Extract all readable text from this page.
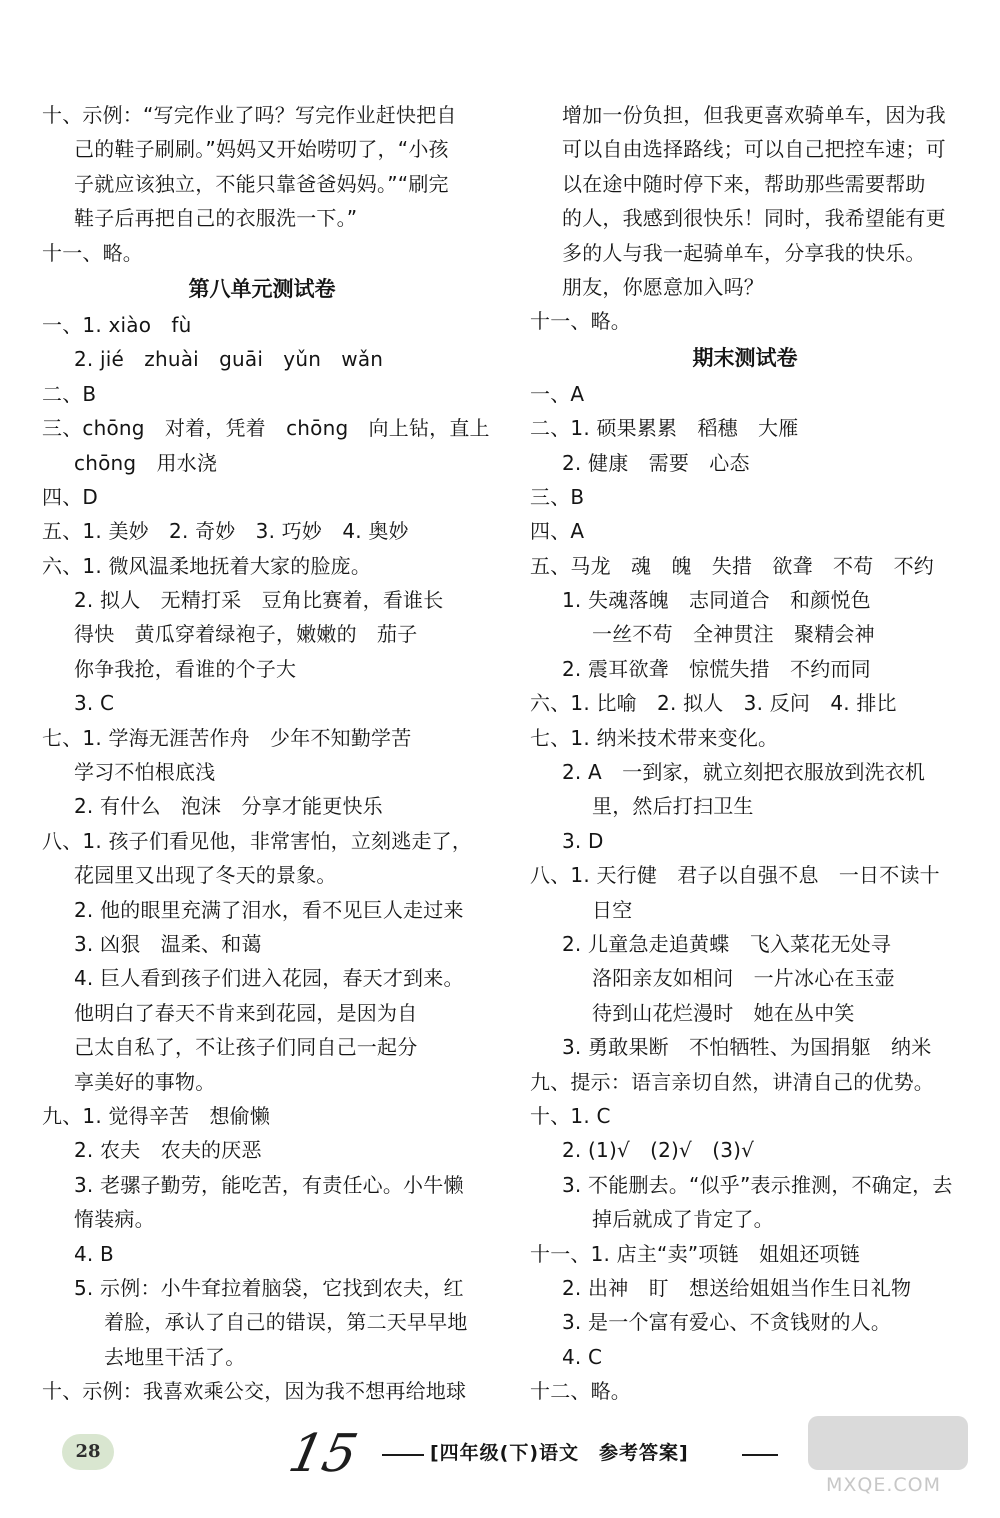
十、示例：“写完作业了吗？写完作业赶快把自
己的鞋子刷刷。”妈妈又开始唠叨了，“小孩
子就应该独立，不能只靠爸爸妈妈。”“刷完
鞋子后再把自己的衣服洗一下。”
十一、略。
第八单元测试卷
一、1. xiào　fù
2. jié　zhuài　guāi　yǔn　wǎn
二、B
三、chōng　对着，凭着　chōng　向上钻，直上
chōng　用水浇
四、D
五、1. 美妙　2. 奇妙　3. 巧妙　4. 奥妙
六、1. 微风温柔地抚着大家的脸庞。
2. 拟人　无精打采　豆角比赛着，看谁长
得快　黄瓜穿着绿袍子，嫩嫩的　茄子
你争我抢，看谁的个子大
3. C
七、1. 学海无涯苦作舟　少年不知勤学苦
学习不怕根底浅
2. 有什么　泡沫　分享才能更快乐
八、1. 孩子们看见他，非常害怕，立刻逃走了，
花园里又出现了冬天的景象。
2. 他的眼里充满了泪水，看不见巨人走过来
3. 凶狠　温柔、和蔼
4. 巨人看到孩子们进入花园，春天才到来。
他明白了春天不肯来到花园，是因为自
己太自私了，不让孩子们同自己一起分
享美好的事物。
九、1. 觉得辛苦　想偷懒
2. 农夫　农夫的厌恶
3. 老骡子勤劳，能吃苦，有责任心。小牛懒
惰装病。
4. B
5. 示例：小牛耷拉着脑袋，它找到农夫，红
着脸，承认了自己的错误，第二天早早地
去地里干活了。
十、示例：我喜欢乘公交，因为我不想再给地球
增加一份负担，但我更喜欢骑单车，因为我
可以自由选择路线；可以自己把控车速；可
以在途中随时停下来，帮助那些需要帮助
的人，我感到很快乐！同时，我希望能有更
多的人与我一起骑单车，分享我的快乐。
朋友，你愿意加入吗？
十一、略。
期末测试卷
一、A
二、1. 硕果累累　稻穗　大雁
2. 健康　需要　心态
三、B
四、A
五、马龙　魂　魄　失措　欲聋　不苟　不约
1. 失魂落魄　志同道合　和颜悦色
一丝不苟　全神贯注　聚精会神
2. 震耳欲聋　惊慌失措　不约而同
六、1. 比喻　2. 拟人　3. 反问　4. 排比
七、1. 纳米技术带来变化。
2. A　一到家，就立刻把衣服放到洗衣机
里，然后打扫卫生
3. D
八、1. 天行健　君子以自强不息　一日不读十
日空
2. 儿童急走追黄蝶　飞入菜花无处寻
洛阳亲友如相问　一片冰心在玉壶
待到山花烂漫时　她在丛中笑
3. 勇敢果断　不怕牺牲、为国捐躯　纳米
九、提示：语言亲切自然，讲清自己的优势。
十、1. C
2. (1)√　(2)√　(3)√
3. 不能删去。“似乎”表示推测，不确定，去
掉后就成了肯定了。
十一、1. 店主“卖”项链　姐姐还项链
2. 出神　盯　想送给姐姐当作生日礼物
3. 是一个富有爱心、不贪钱财的人。
4. C
十二、略。
28	15	[四年级(下)语文　参考答案]
MXQE.COM
